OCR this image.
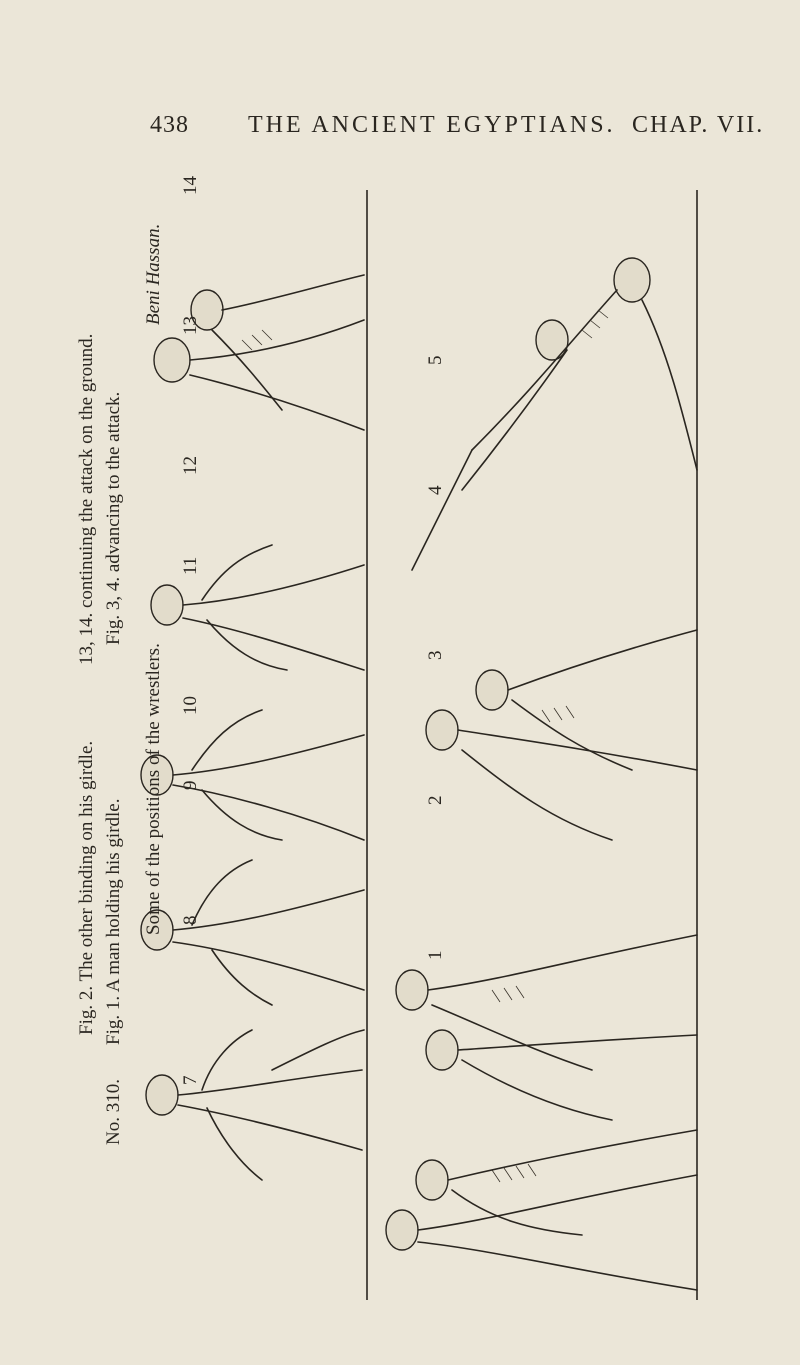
438 THE ANCIENT EGYPTIANS. CHAP. VII.
7
8
9
10
11
12
13
14
1
2
3
4
5
No. 310.
Some of the positions of the wrestlers.
Beni Hassan.
Fig. 1. A man holding his girdle.
Fig. 2. The other binding on his girdle.
Fig. 3, 4. advancing to the attack.
13, 14. continuing the attack on the ground.
